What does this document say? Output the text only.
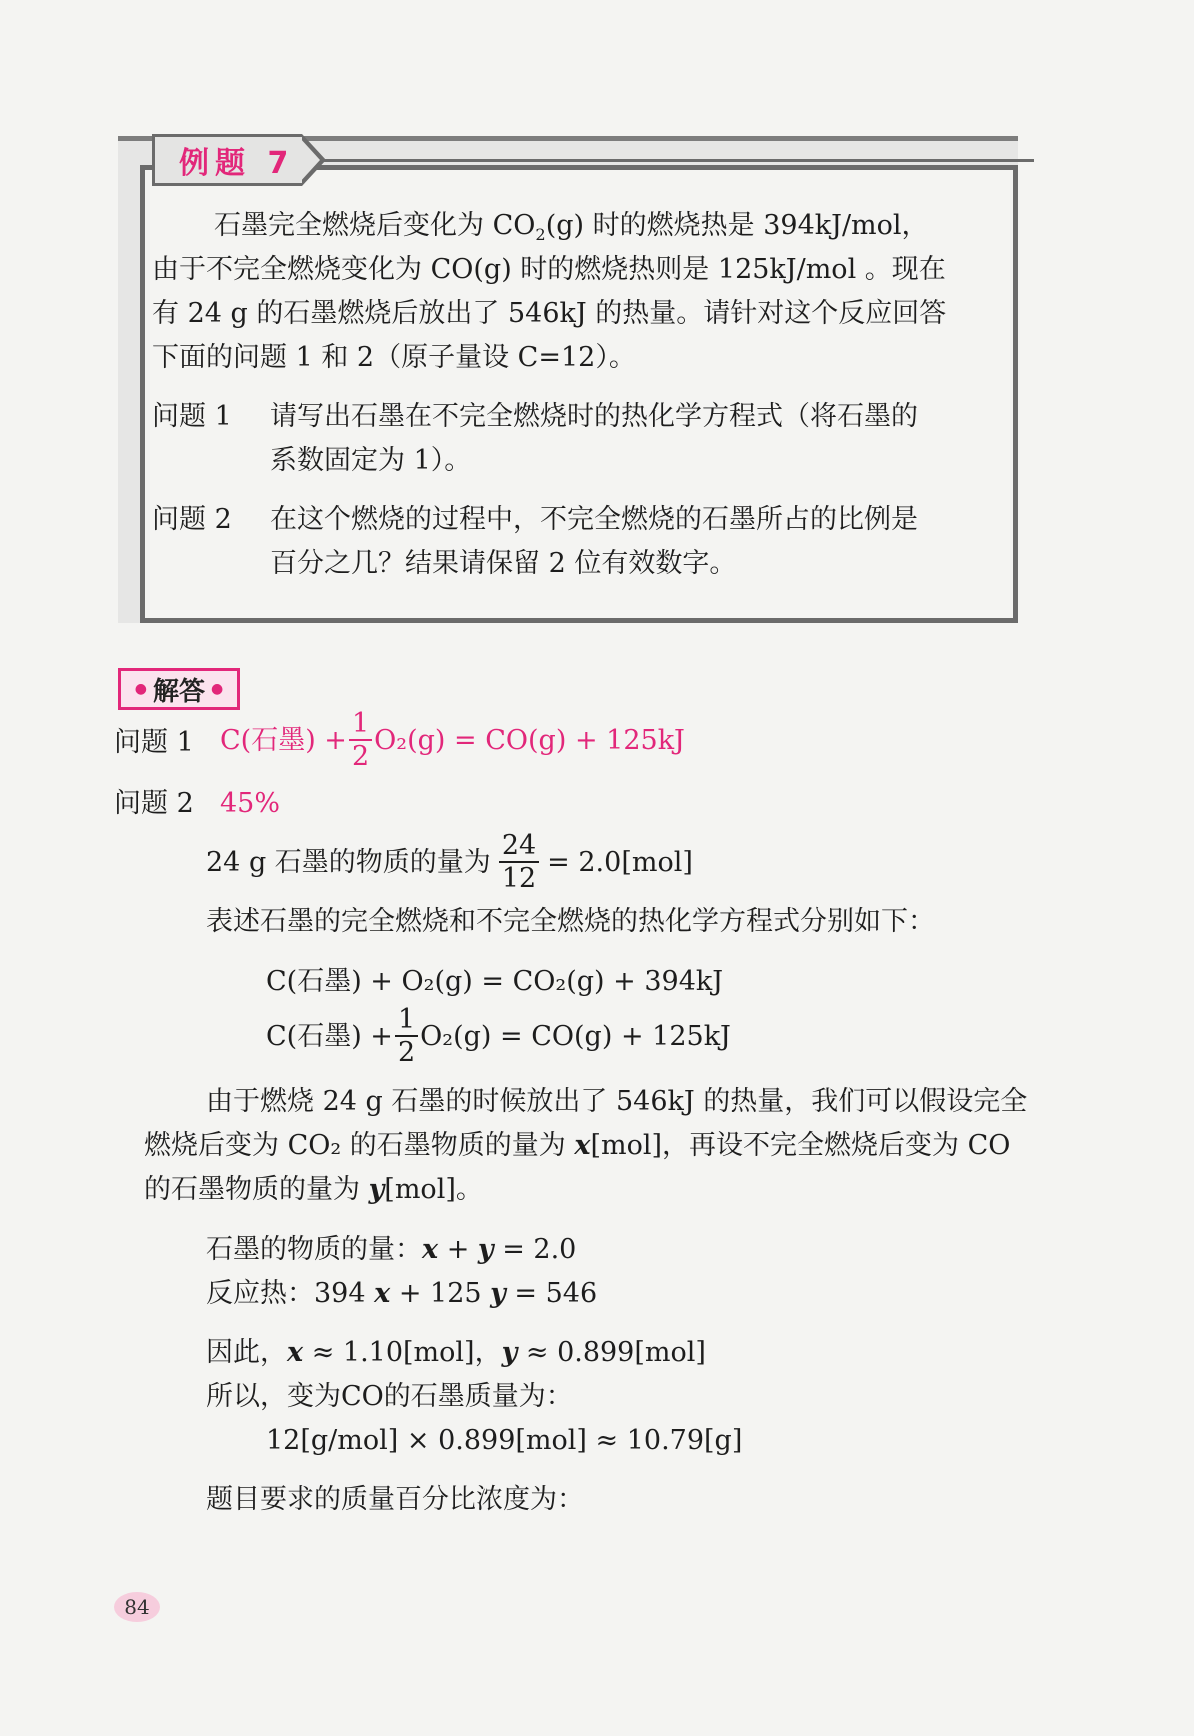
例题 7
石墨完全燃烧后变化为 $CO_2(g)$ 时的燃烧热是 394kJ/mol，
由于不完全燃烧变化为 CO(g) 时的燃烧热则是 125kJ/mol 。现在
有 24 g 的石墨燃烧后放出了 546kJ 的热量。请针对这个反应回答
下面的问题 1 和 2（原子量设 C=12）。
问题 1 请写出石墨在不完全燃烧时的热化学方程式（将石墨的
系数固定为 1）。
问题 2 在这个燃烧的过程中，不完全燃烧的石墨所占的比例是
百分之几？结果请保留 2 位有效数字。
● 解答 ●
问题 1 C(石墨) + $\frac{1}{2} O_2(g) = CO(g) + 125kJ$
问题 2 45%
24 g 石墨的物质的量为 $\frac{24}{12} = 2.0[mol]$
表述石墨的完全燃烧和不完全燃烧的热化学方程式分别如下：
C(石墨) + O₂(g) = CO₂(g) + 394kJ
C(石墨) + $\frac{1}{2} O_2(g) = CO(g) + 125kJ$
由于燃烧 24 g 石墨的时候放出了 546kJ 的热量，我们可以假设完全
燃烧后变为 CO₂ 的石墨物质的量为 x[mol]，再设不完全燃烧后变为 CO
的石墨物质的量为 y[mol]。
石墨的物质的量：x + y = 2.0
反应热：394 x + 125 y = 546
因此，x ≈ 1.10[mol]，y ≈ 0.899[mol]
所以，变为CO的石墨质量为：
12[g/mol] × 0.899[mol] ≈ 10.79[g]
题目要求的质量百分比浓度为：
84
